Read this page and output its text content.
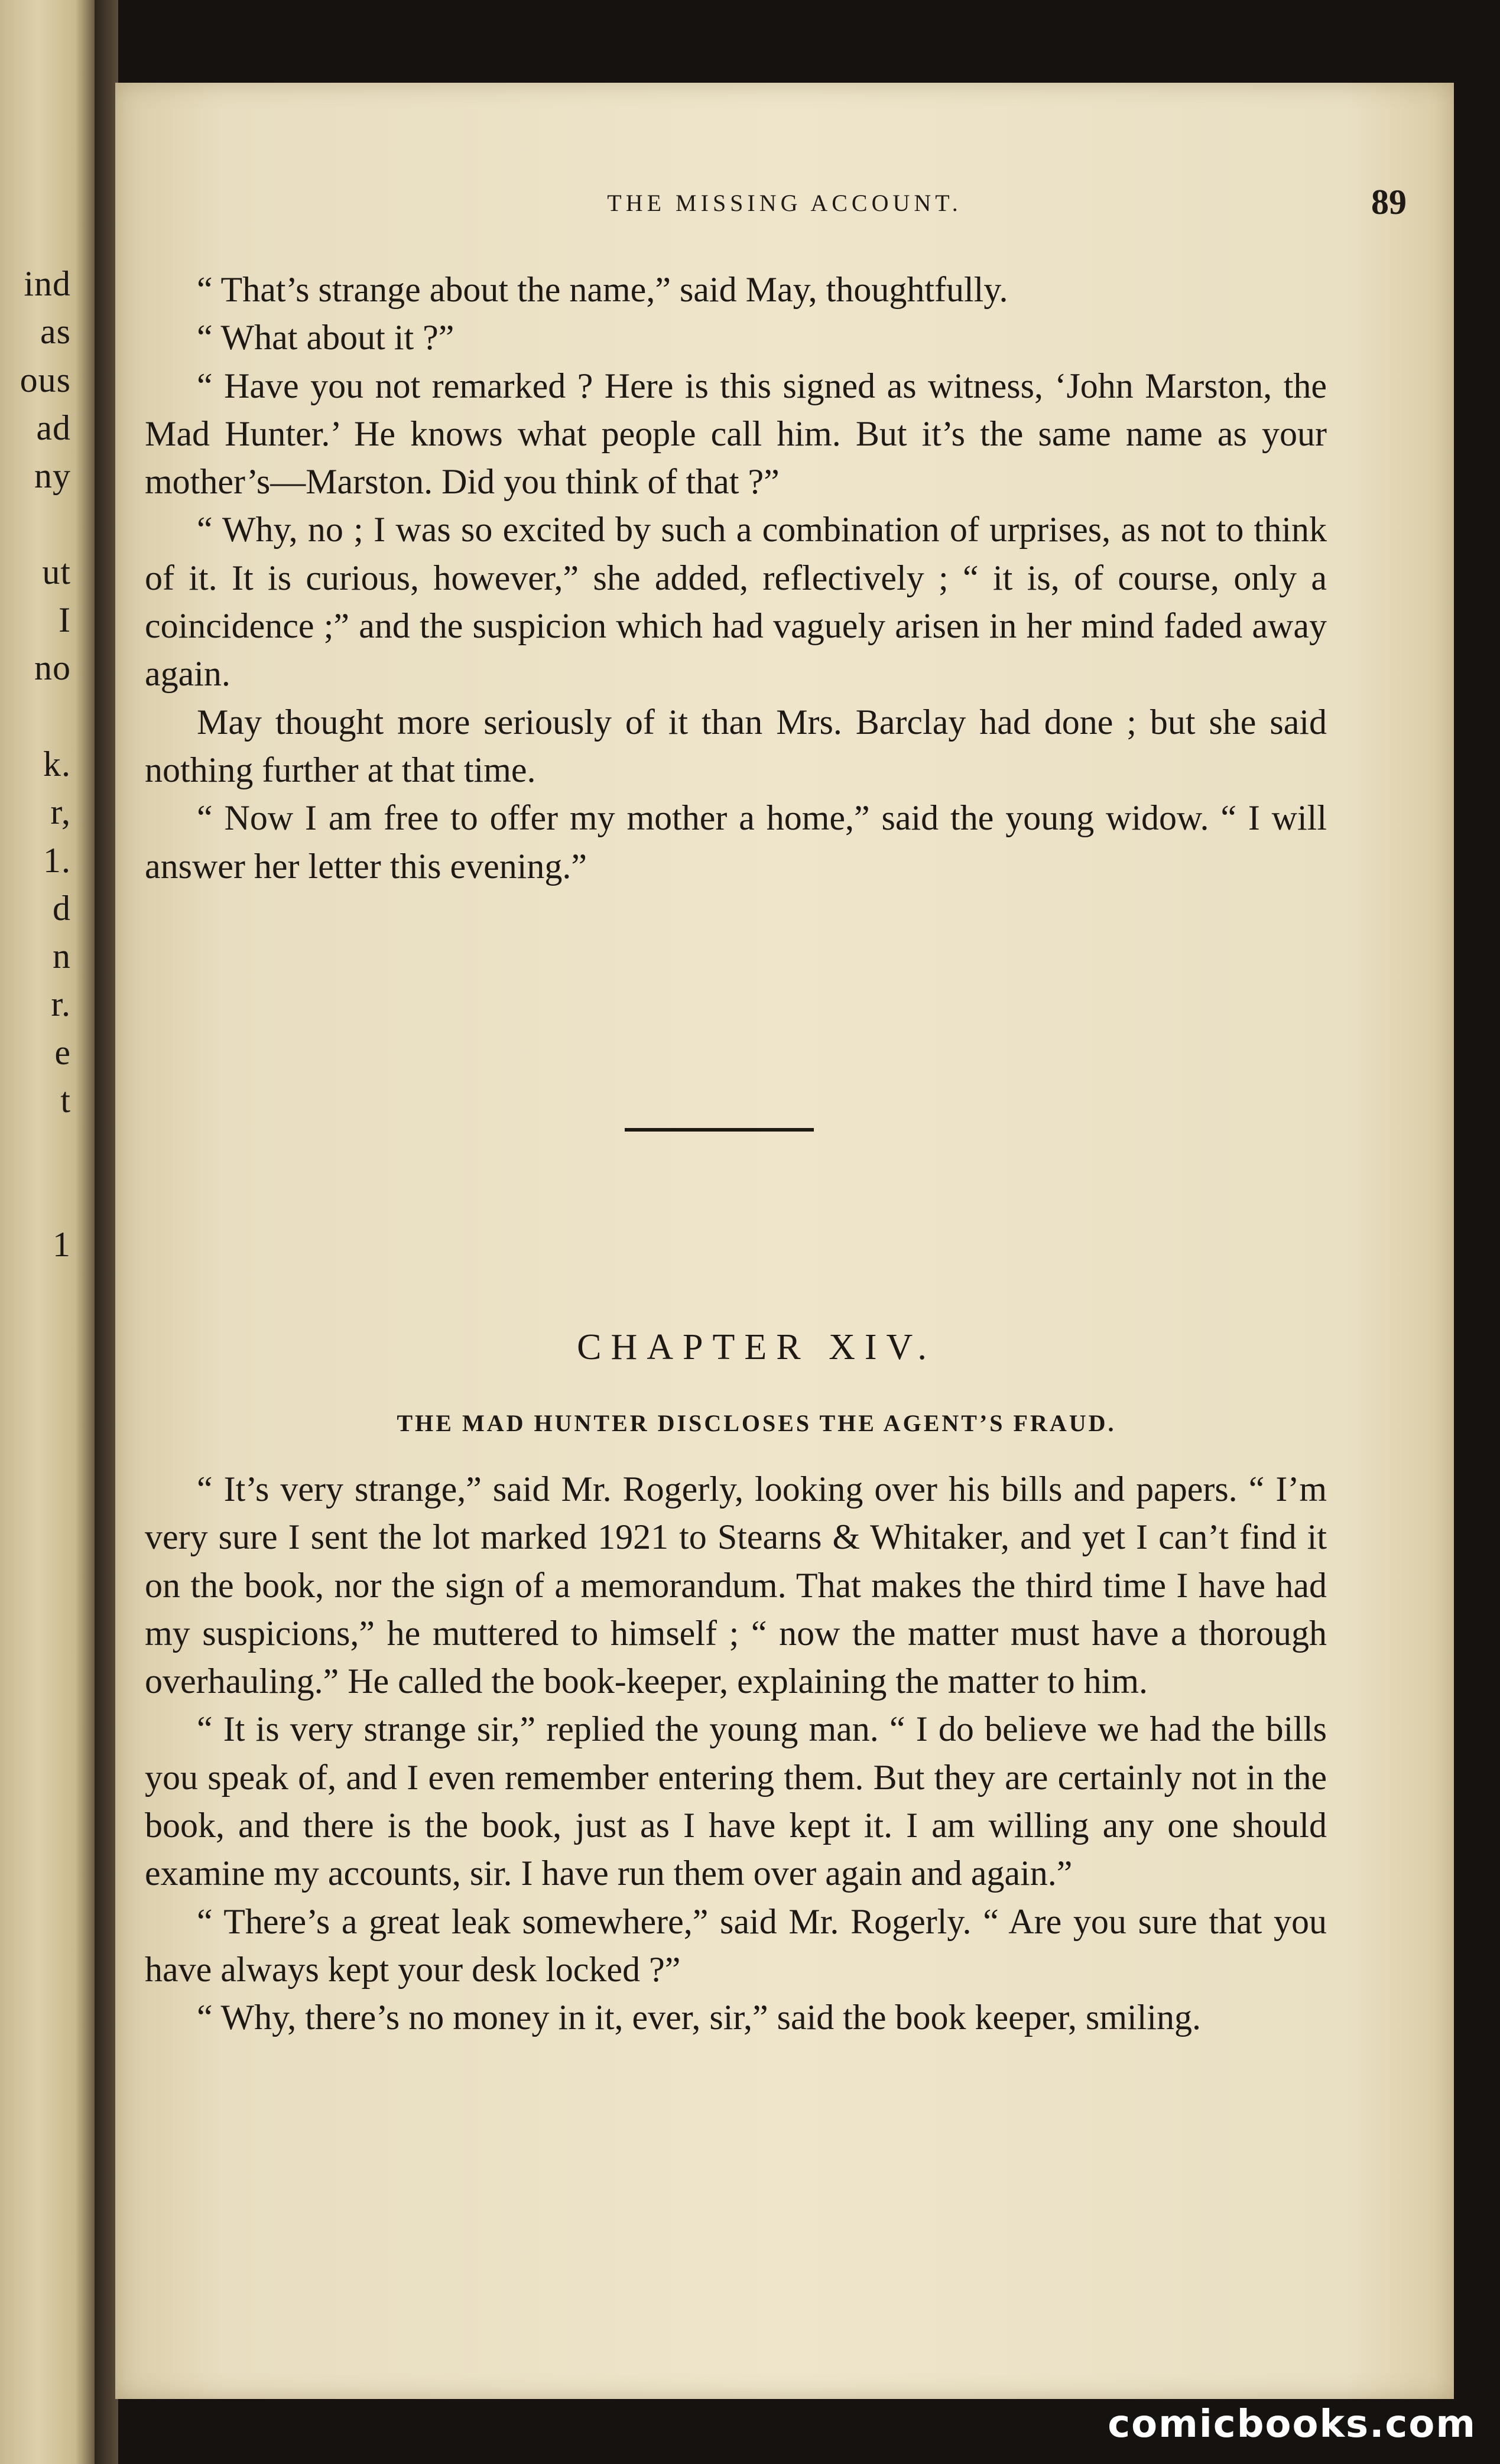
ind
as
ous
ad
ny
ut
I
no
k.
r,
1.
d
n
r.
e
t
1
THE MISSING ACCOUNT.	89

“ That’s strange about the name,” said May, thoughtfully.

“ What about it ?”

“ Have you not remarked ? Here is this signed as witness, ‘John Marston, the Mad Hunter.’ He knows what people call him. But it’s the same name as your mother’s—Marston. Did you think of that ?”

“ Why, no ; I was so excited by such a combination of urprises, as not to think of it. It is curious, however,” she added, reflectively ; “ it is, of course, only a coincidence ;” and the suspicion which had vaguely arisen in her mind faded away again.

May thought more seriously of it than Mrs. Barclay had done ; but she said nothing further at that time.

“ Now I am free to offer my mother a home,” said the young widow. “ I will answer her letter this evening.”

CHAPTER XIV.
THE MAD HUNTER DISCLOSES THE AGENT’S FRAUD.

“ It’s very strange,” said Mr. Rogerly, looking over his bills and papers. “ I’m very sure I sent the lot marked 1921 to Stearns & Whitaker, and yet I can’t find it on the book, nor the sign of a memorandum. That makes the third time I have had my suspicions,” he muttered to himself ; “ now the matter must have a thorough overhauling.” He called the book-keeper, explaining the matter to him.

“ It is very strange sir,” replied the young man. “ I do believe we had the bills you speak of, and I even remember entering them. But they are certainly not in the book, and there is the book, just as I have kept it. I am willing any one should examine my accounts, sir. I have run them over again and again.”

“ There’s a great leak somewhere,” said Mr. Rogerly. “ Are you sure that you have always kept your desk locked ?”

“ Why, there’s no money in it, ever, sir,” said the book keeper, smiling.

comicbooks.com
